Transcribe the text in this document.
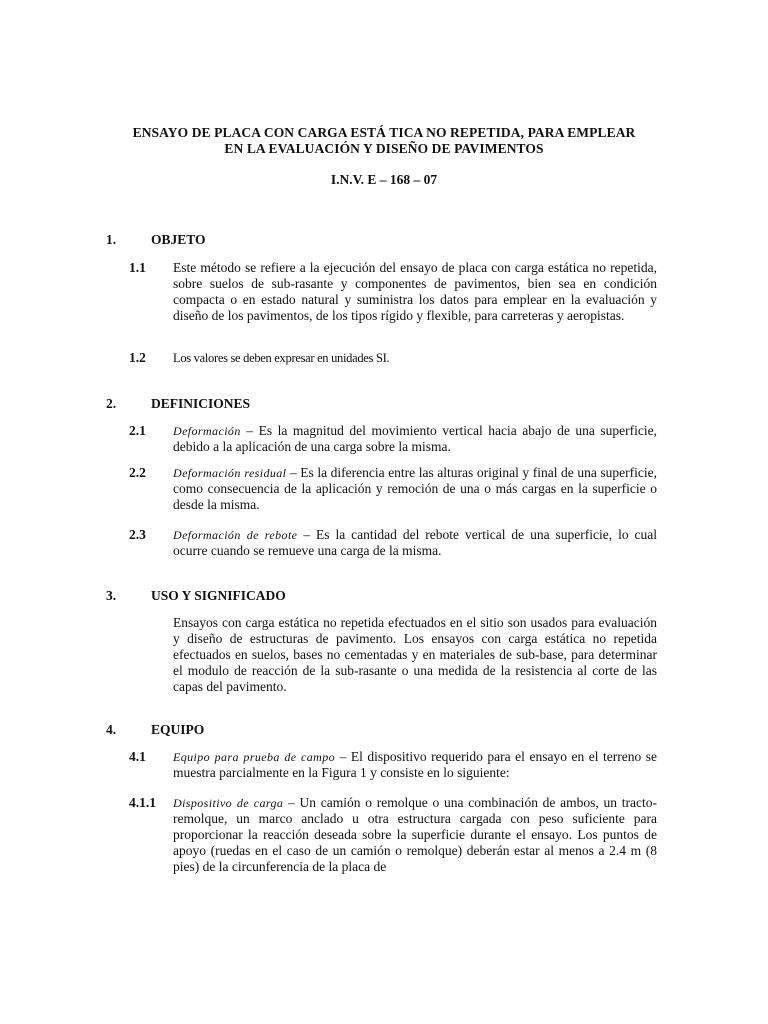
ENSAYO DE PLACA CON CARGA ESTÁ TICA NO REPETIDA, PARA EMPLEAR
EN LA EVALUACIÓN Y DISEÑO DE PAVIMENTOS
I.N.V. E – 168 – 07
1.	OBJETO
1.1 Este método se refiere a la ejecución del ensayo de placa con carga estática no repetida, sobre suelos de sub-rasante y componentes de pavimentos, bien sea en condición compacta o en estado natural y suministra los datos para emplear en la evaluación y diseño de los pavimentos, de los tipos rígido y flexible, para carreteras y aeropistas.
1.2 Los valores se deben expresar en unidades SI.
2.	DEFINICIONES
2.1 Deformación – Es la magnitud del movimiento vertical hacia abajo de una superficie, debido a la aplicación de una carga sobre la misma.
2.2 Deformación residual – Es la diferencia entre las alturas original y final de una superficie, como consecuencia de la aplicación y remoción de una o más cargas en la superficie o desde la misma.
2.3 Deformación de rebote – Es la cantidad del rebote vertical de una superficie, lo cual ocurre cuando se remueve una carga de la misma.
3.	USO Y SIGNIFICADO
Ensayos con carga estática no repetida efectuados en el sitio son usados para evaluación y diseño de estructuras de pavimento. Los ensayos con carga estática no repetida efectuados en suelos, bases no cementadas y en materiales de sub-base, para determinar el modulo de reacción de la sub-rasante o una medida de la resistencia al corte de las capas del pavimento.
4.	EQUIPO
4.1 Equipo para prueba de campo – El dispositivo requerido para el ensayo en el terreno se muestra parcialmente en la Figura 1 y consiste en lo siguiente:
4.1.1 Dispositivo de carga – Un camión o remolque o una combinación de ambos, un tracto-remolque, un marco anclado u otra estructura cargada con peso suficiente para proporcionar la reacción deseada sobre la superficie durante el ensayo. Los puntos de apoyo (ruedas en el caso de un camión o remolque) deberán estar al menos a 2.4 m (8 pies) de la circunferencia de la placa de
